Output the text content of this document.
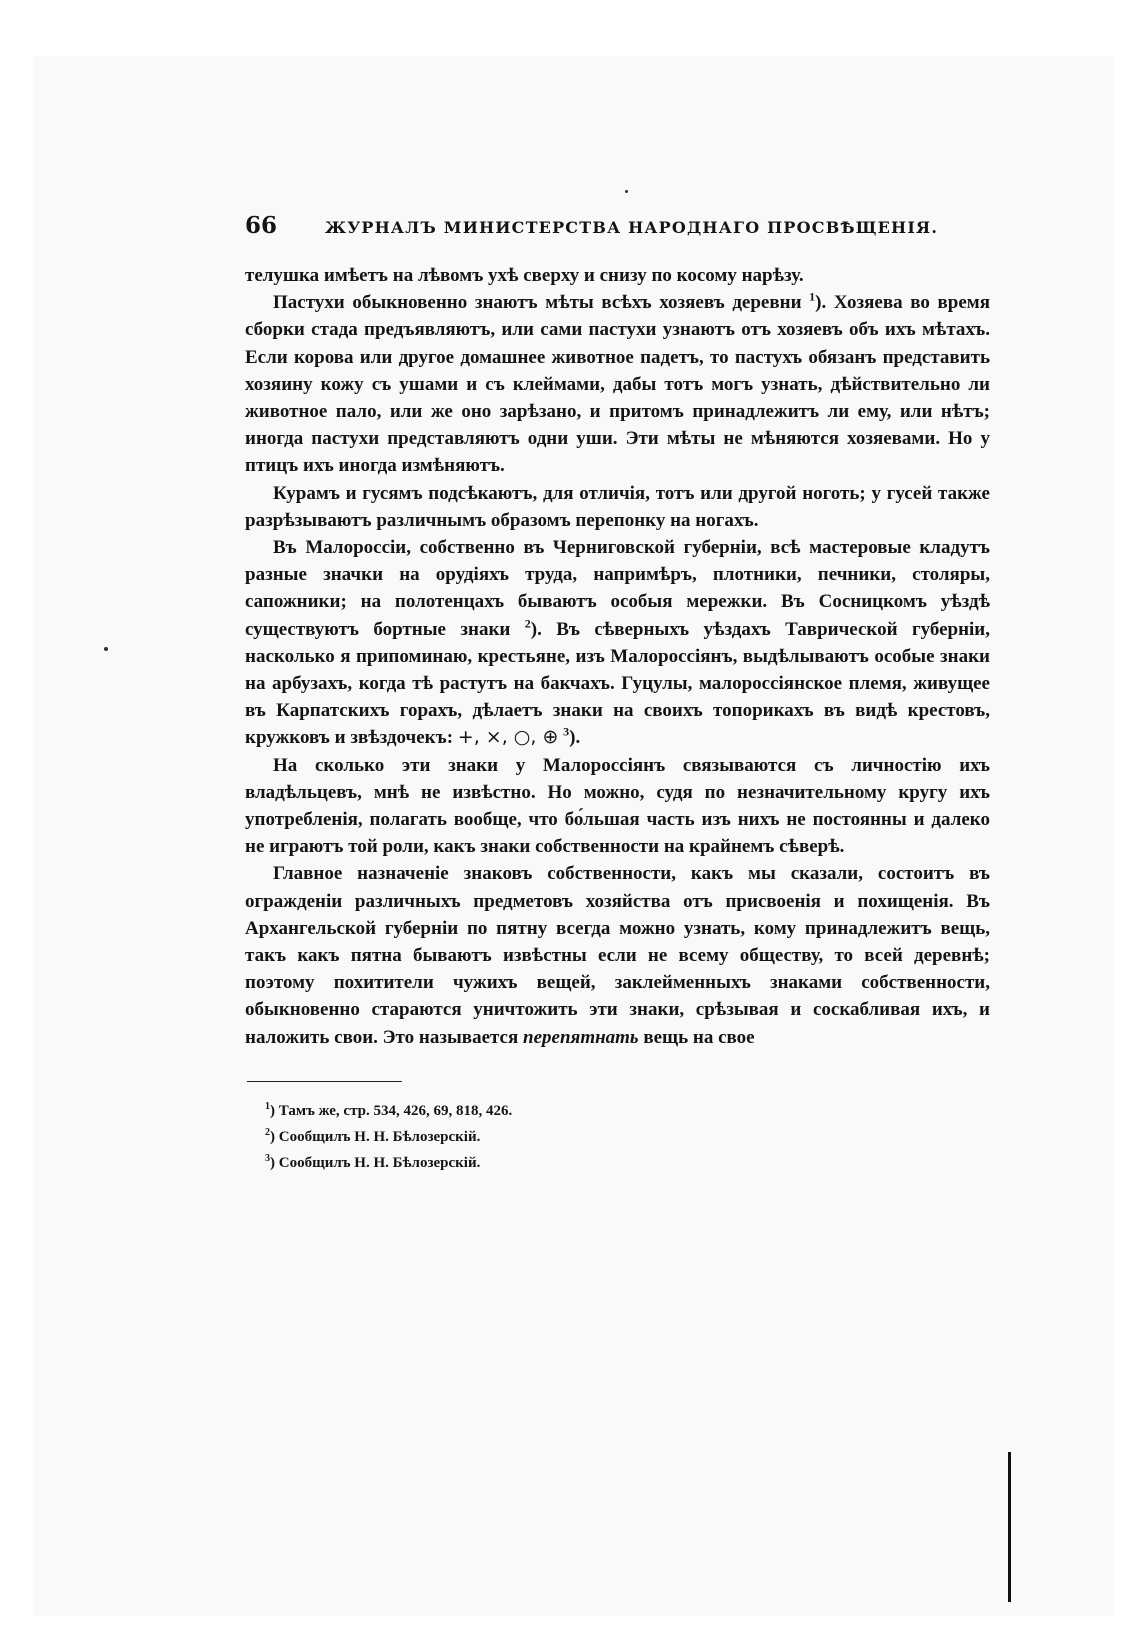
66	ЖУРНАЛЪ МИНИСТЕРСТВА НАРОДНАГО ПРОСВѢЩЕНІЯ.

телушка имѣетъ на лѣвомъ ухѣ сверху и снизу по косому нарѣзу.

Пастухи обыкновенно знаютъ мѣты всѣхъ хозяевъ деревни $^1$). Хозяева во время сборки стада предъявляютъ, или сами пастухи узнаютъ отъ хозяевъ объ ихъ мѣтахъ. Если корова или другое домашнее животное падетъ, то пастухъ обязанъ представить хозяину кожу съ ушами и съ клеймами, дабы тотъ могъ узнать, дѣйствительно ли животное пало, или же оно зарѣзано, и притомъ принадлежитъ ли ему, или нѣтъ; иногда пастухи представляютъ одни уши. Эти мѣты не мѣняются хозяевами. Но у птицъ ихъ иногда измѣняютъ.

Курамъ и гусямъ подсѣкаютъ, для отличія, тотъ или другой ноготь; у гусей также разрѣзываютъ различнымъ образомъ перепонку на ногахъ.

Въ Малороссіи, собственно въ Черниговской губерніи, всѣ мастеровые кладутъ разные значки на орудіяхъ труда, напримѣръ, плотники, печники, столяры, сапожники; на полотенцахъ бываютъ особыя мережки. Въ Сосницкомъ уѣздѣ существуютъ бортные знаки $^2$). Въ сѣверныхъ уѣздахъ Таврической губерніи, насколько я припоминаю, крестьяне, изъ Малороссіянъ, выдѣлываютъ особые знаки на арбузахъ, когда тѣ растутъ на бакчахъ. Гуцулы, малороссіянское племя, живущее въ Карпатскихъ горахъ, дѣлаетъ знаки на своихъ топорикахъ въ видѣ крестовъ, кружковъ и звѣздочекъ: +, ×, ○, ⊕ $^3$).

На сколько эти знаки у Малороссіянъ связываются съ личностію ихъ владѣльцевъ, мнѣ не извѣстно. Но можно, судя по незначительному кругу ихъ употребленія, полагать вообще, что бо́льшая часть изъ нихъ не постоянны и далеко не играютъ той роли, какъ знаки собственности на крайнемъ сѣверѣ.

Главное назначеніе знаковъ собственности, какъ мы сказали, состоитъ въ огражденіи различныхъ предметовъ хозяйства отъ присвоенія и похищенія. Въ Архангельской губерніи по пятну всегда можно узнать, кому принадлежитъ вещь, такъ какъ пятна бываютъ извѣстны если не всему обществу, то всей деревнѣ; поэтому похитители чужихъ вещей, заклейменныхъ знаками собственности, обыкновенно стараются уничтожить эти знаки, срѣзывая и соскабливая ихъ, и наложить свои. Это называется перепятнать вещь на свое

$^1$) Тамъ же, стр. 534, 426, 69, 818, 426.
$^2$) Сообщилъ Н. Н. Бѣлозерскій.
$^3$) Сообщилъ Н. Н. Бѣлозерскій.
